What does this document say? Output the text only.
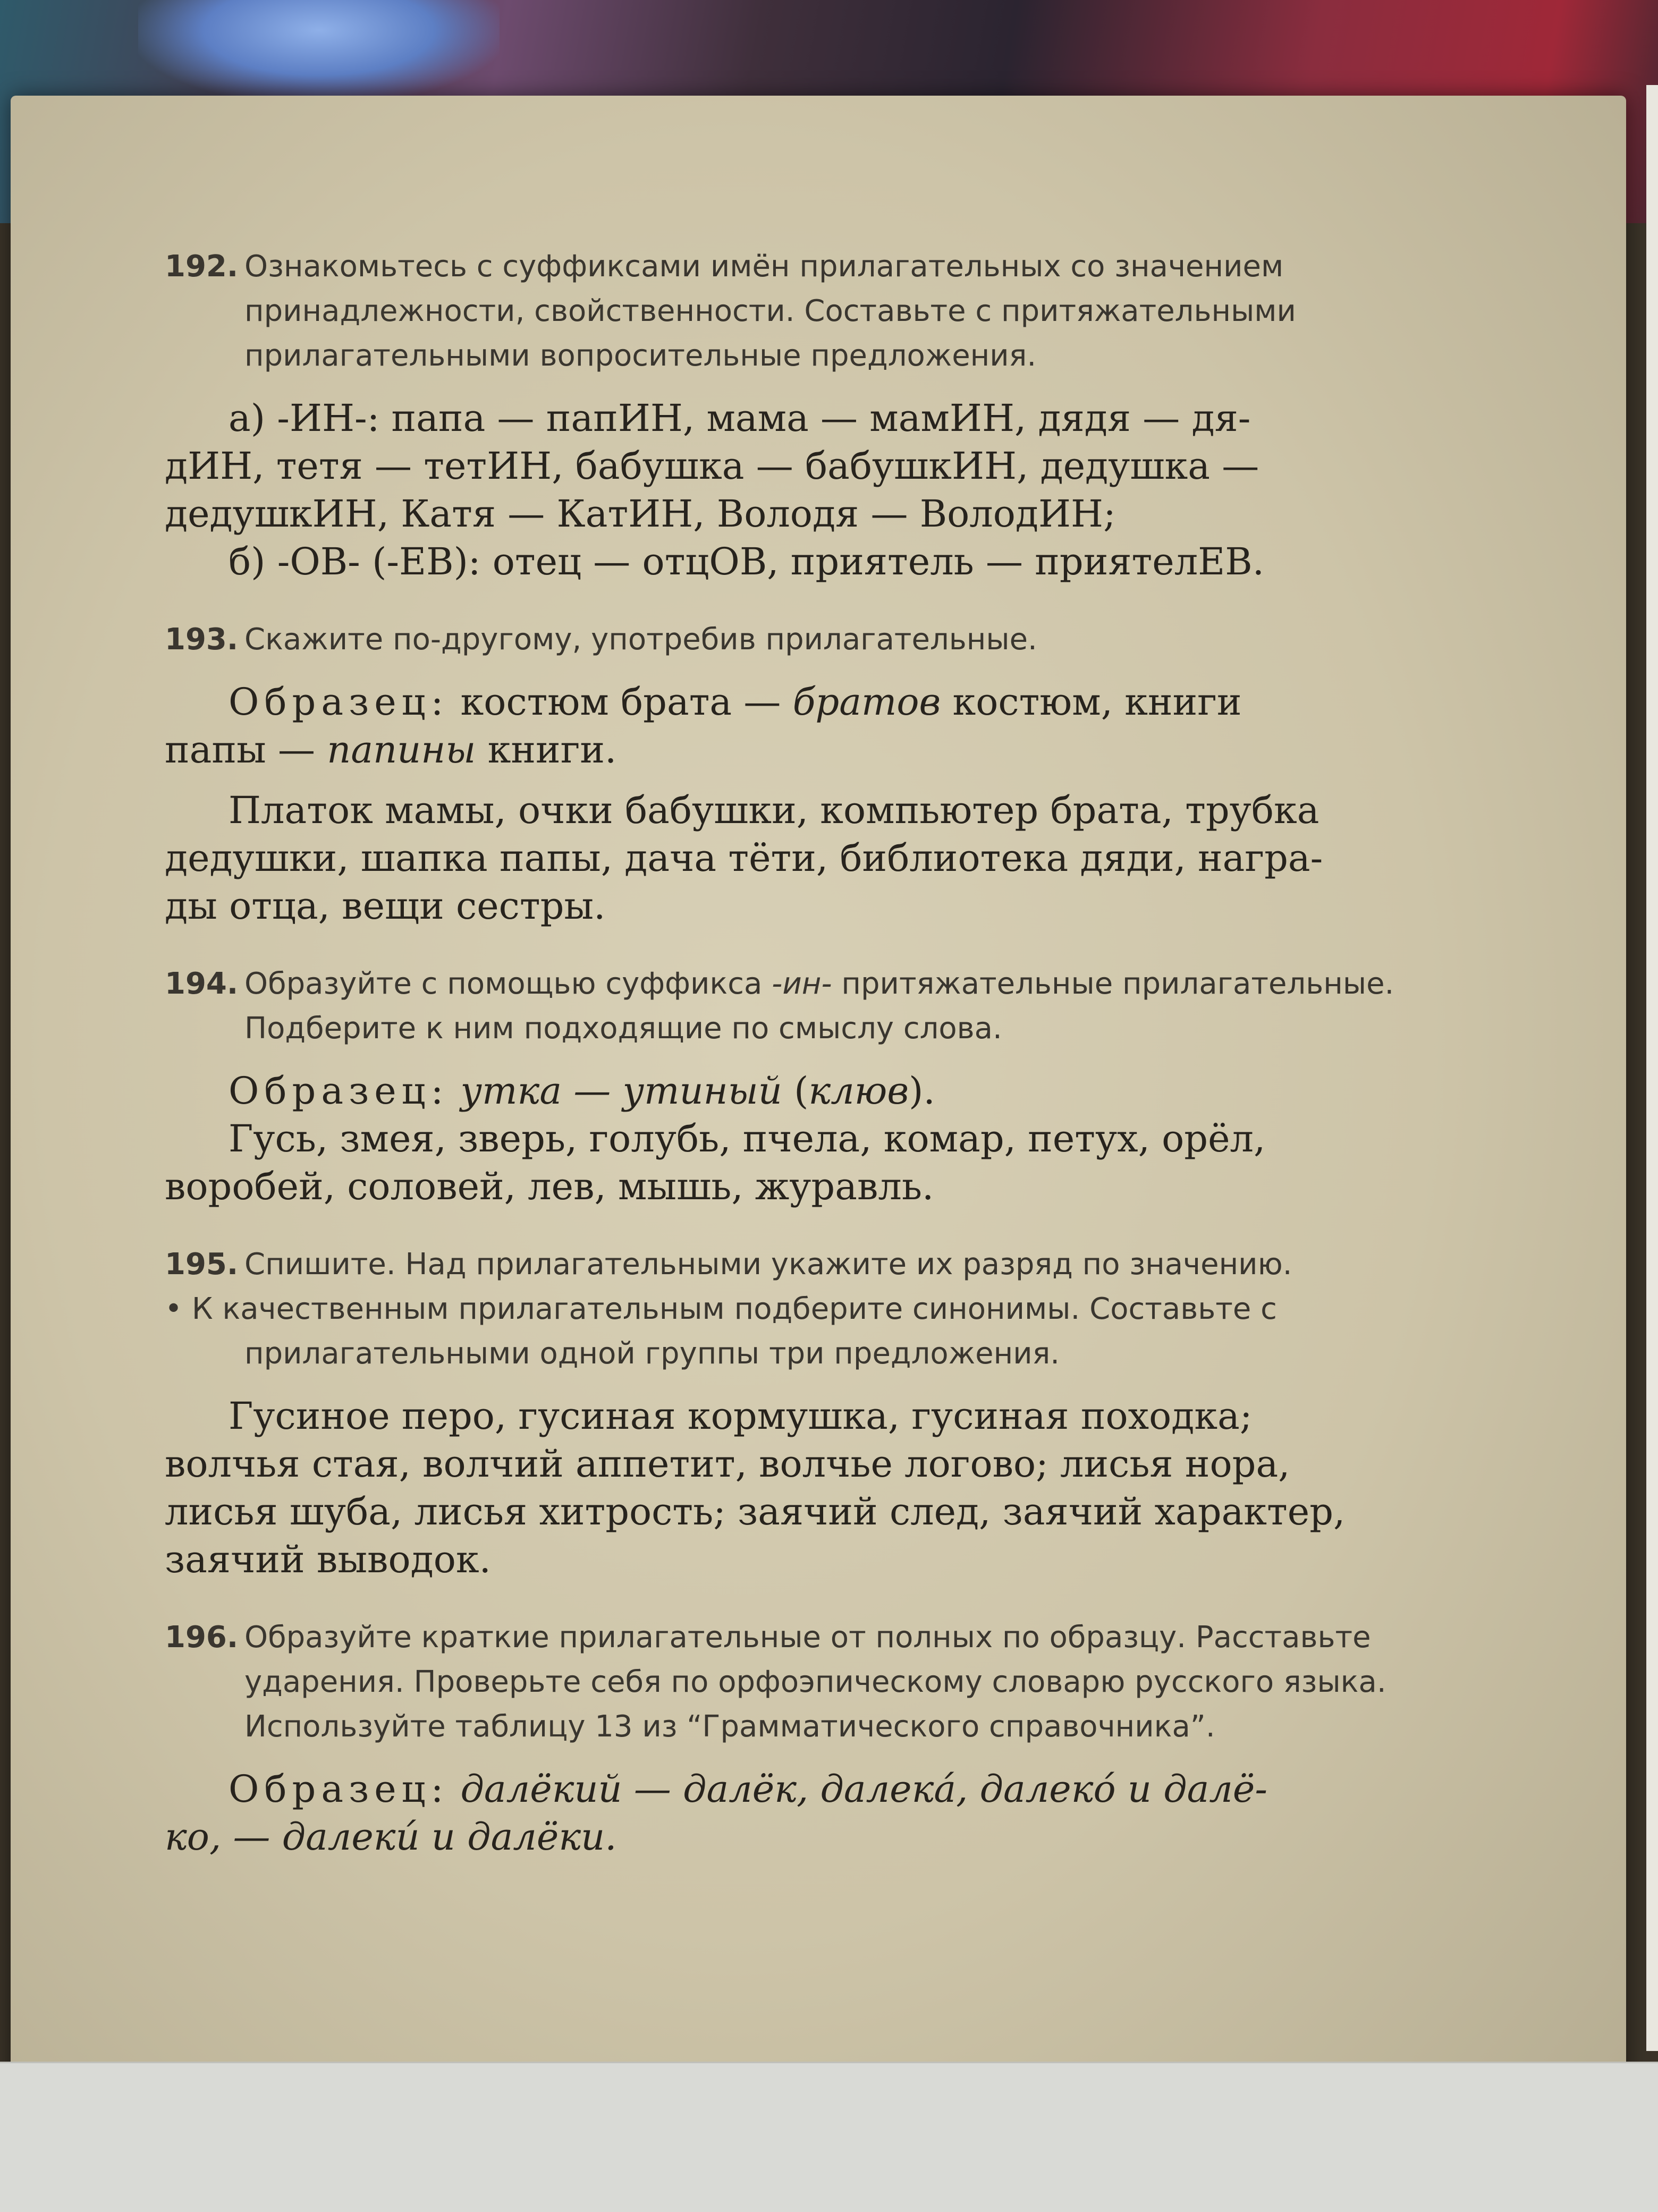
192. Ознакомьтесь с суффиксами имён прилагательных со значением принадлежности, свойственности. Составьте с притяжательными прилагательными вопросительные предложения.
а) -ИН-: папа — папИН, мама — мамИН, дядя — дя-
дИН, тетя — тетИН, бабушка — бабушкИН, дедушка —
дедушкИН, Катя — КатИН, Володя — ВолодИН;
б) -ОВ- (-ЕВ): отец — отцОВ, приятель — приятелЕВ.
193. Скажите по-другому, употребив прилагательные.
Образец: костюм брата — братов костюм, книги
папы — папины книги.
Платок мамы, очки бабушки, компьютер брата, трубка
дедушки, шапка папы, дача тёти, библиотека дяди, награ-
ды отца, вещи сестры.
194. Образуйте с помощью суффикса -ин- притяжательные прилагательные. Подберите к ним подходящие по смыслу слова.
Образец: утка — утиный (клюв).
Гусь, змея, зверь, голубь, пчела, комар, петух, орёл,
воробей, соловей, лев, мышь, журавль.
195. Спишите. Над прилагательными укажите их разряд по значению.
• К качественным прилагательным подберите синонимы. Составьте с прилагательными одной группы три предложения.
Гусиное перо, гусиная кормушка, гусиная походка;
волчья стая, волчий аппетит, волчье логово; лисья нора,
лисья шуба, лисья хитрость; заячий след, заячий характер,
заячий выводок.
196. Образуйте краткие прилагательные от полных по образцу. Расставьте ударения. Проверьте себя по орфоэпическому словарю русского языка. Используйте таблицу 13 из “Грамматического справочника”.
Образец: далёкий — далёк, далека́, далеко́ и далё-
ко, — далеки́ и далёки.
